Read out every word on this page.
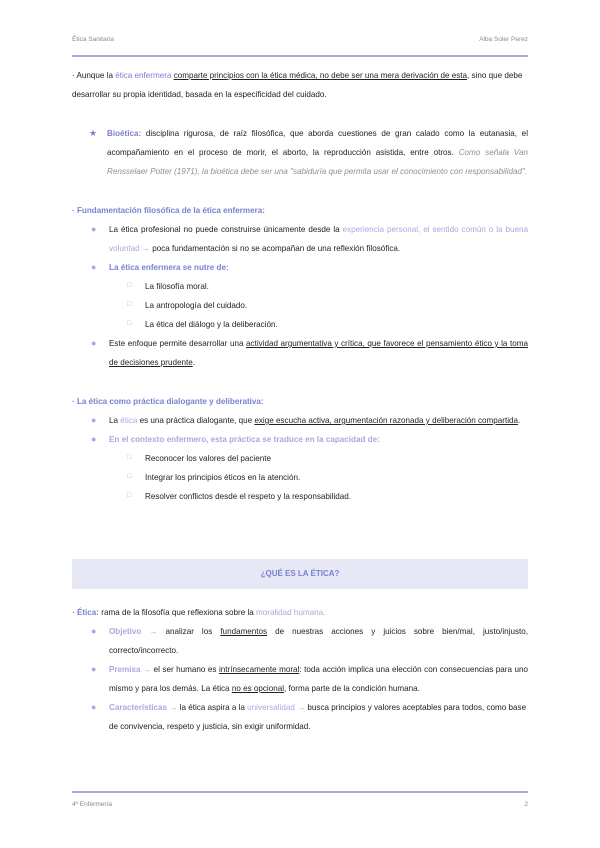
Ética Sanitaria	Alba Soler Perez
· Aunque la ética enfermera comparte principios con la ética médica, no debe ser una mera derivación de esta, sino que debe desarrollar su propia identidad, basada en la especificidad del cuidado.
★ Bioética: disciplina rigurosa, de raíz filosófica, que aborda cuestiones de gran calado como la eutanasia, el acompañamiento en el proceso de morir, el aborto, la reproducción asistida, entre otros. Como señala Van Rensselaer Potter (1971), la bioética debe ser una "sabiduría que permita usar el conocimiento con responsabilidad".
· Fundamentación filosófica de la ética enfermera:
● La ética profesional no puede construirse únicamente desde la experiencia personal, el sentido común o la buena voluntad → poca fundamentación si no se acompañan de una reflexión filosófica.
● La ética enfermera se nutre de:
□ La filosofía moral.
□ La antropología del cuidado.
□ La ética del diálogo y la deliberación.
● Este enfoque permite desarrollar una actividad argumentativa y crítica, que favorece el pensamiento ético y la toma de decisiones prudente.
· La ética como práctica dialogante y deliberativa:
● La ética es una práctica dialogante, que exige escucha activa, argumentación razonada y deliberación compartida.
● En el contexto enfermero, esta práctica se traduce en la capacidad de:
□ Reconocer los valores del paciente
□ Integrar los principios éticos en la atención.
□ Resolver conflictos desde el respeto y la responsabilidad.
¿QUÉ ES LA ÉTICA?
· Ética: rama de la filosofía que reflexiona sobre la moralidad humana.
● Objetivo → analizar los fundamentos de nuestras acciones y juicios sobre bien/mal, justo/injusto, correcto/incorrecto.
● Premisa → el ser humano es intrínsecamente moral: toda acción implica una elección con consecuencias para uno mismo y para los demás. La ética no es opcional, forma parte de la condición humana.
● Características → la ética aspira a la universalidad → busca principios y valores aceptables para todos, como base de convivencia, respeto y justicia, sin exigir uniformidad.
4º Enfermería	2
